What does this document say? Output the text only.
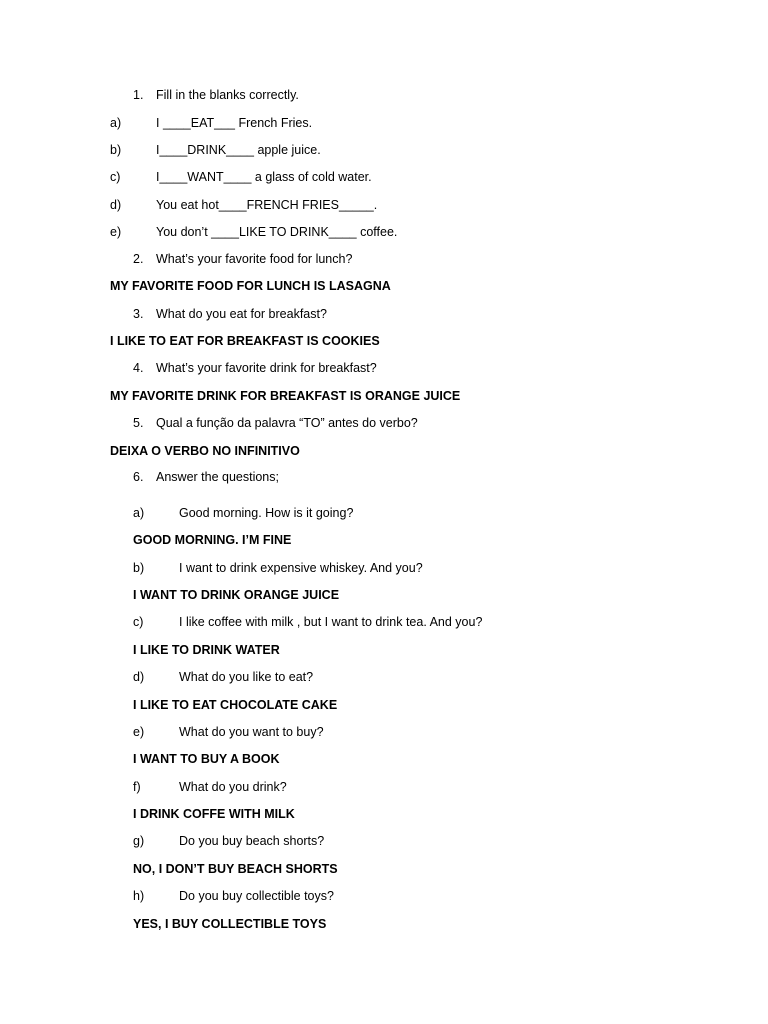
1. Fill in the blanks correctly.
a)	I ____EAT___ French Fries.
b)	I____DRINK____ apple juice.
c)	I____WANT____ a glass of cold water.
d)	You eat hot____FRENCH FRIES_____.
e)	You don’t ____LIKE TO DRINK____ coffee.
2. What’s your favorite food for lunch?
MY FAVORITE FOOD FOR LUNCH IS LASAGNA
3. What do you eat for breakfast?
I LIKE TO EAT FOR BREAKFAST IS COOKIES
4. What’s your favorite drink for breakfast?
MY FAVORITE DRINK FOR BREAKFAST IS ORANGE JUICE
5. Qual a função da palavra “TO” antes do verbo?
DEIXA O VERBO NO INFINITIVO
6. Answer the questions;
a)	Good morning. How is it going?
GOOD MORNING. I’M FINE
b)	I want to drink expensive whiskey. And you?
I WANT TO DRINK ORANGE JUICE
c)	I like coffee with milk , but I want to drink tea. And you?
I LIKE TO DRINK WATER
d)	What do you like to eat?
I LIKE TO EAT CHOCOLATE CAKE
e)	What do you want to buy?
I WANT TO BUY A BOOK
f)	What do you drink?
I DRINK COFFE WITH MILK
g)	Do you buy beach shorts?
NO, I DON’T BUY BEACH SHORTS
h)	Do you buy collectible toys?
YES, I BUY COLLECTIBLE TOYS
